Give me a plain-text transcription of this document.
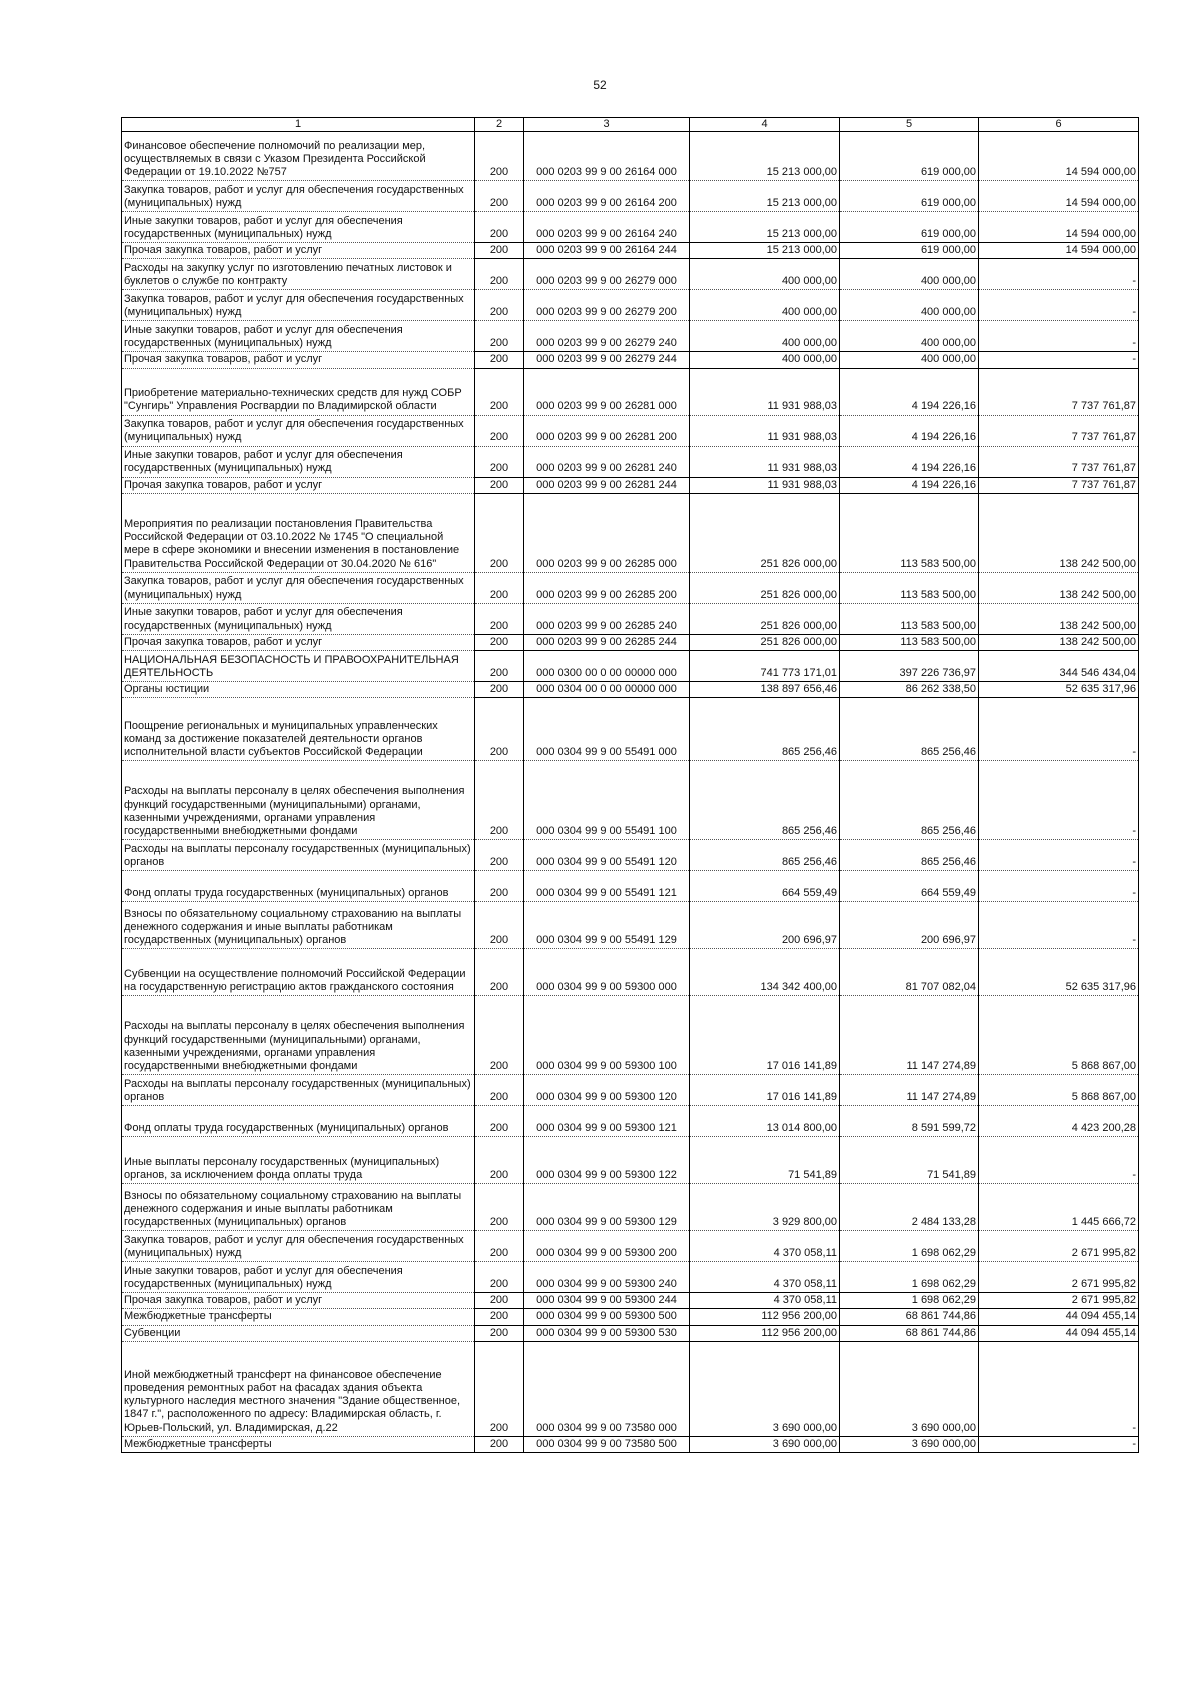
52
1	2	3	4	5	6
Финансовое обеспечение полномочий по реализации мер, осуществляемых в связи с Указом Президента Российской Федерации от 19.10.2022 №757	200	000 0203 99 9 00 26164 000	15 213 000,00	619 000,00	14 594 000,00
Закупка товаров, работ и услуг для обеспечения государственных (муниципальных) нужд	200	000 0203 99 9 00 26164 200	15 213 000,00	619 000,00	14 594 000,00
Иные закупки товаров, работ и услуг для обеспечения государственных (муниципальных) нужд	200	000 0203 99 9 00 26164 240	15 213 000,00	619 000,00	14 594 000,00
Прочая закупка товаров, работ и услуг	200	000 0203 99 9 00 26164 244	15 213 000,00	619 000,00	14 594 000,00
Расходы на закупку услуг по изготовлению печатных листовок и буклетов о службе по контракту	200	000 0203 99 9 00 26279 000	400 000,00	400 000,00	-
Закупка товаров, работ и услуг для обеспечения государственных (муниципальных) нужд	200	000 0203 99 9 00 26279 200	400 000,00	400 000,00	-
Иные закупки товаров, работ и услуг для обеспечения государственных (муниципальных) нужд	200	000 0203 99 9 00 26279 240	400 000,00	400 000,00	-
Прочая закупка товаров, работ и услуг	200	000 0203 99 9 00 26279 244	400 000,00	400 000,00	-
Приобретение материально-технических средств для нужд СОБР "Сунгирь" Управления Росгвардии по Владимирской области	200	000 0203 99 9 00 26281 000	11 931 988,03	4 194 226,16	7 737 761,87
Закупка товаров, работ и услуг для обеспечения государственных (муниципальных) нужд	200	000 0203 99 9 00 26281 200	11 931 988,03	4 194 226,16	7 737 761,87
Иные закупки товаров, работ и услуг для обеспечения государственных (муниципальных) нужд	200	000 0203 99 9 00 26281 240	11 931 988,03	4 194 226,16	7 737 761,87
Прочая закупка товаров, работ и услуг	200	000 0203 99 9 00 26281 244	11 931 988,03	4 194 226,16	7 737 761,87
Мероприятия по реализации постановления Правительства Российской Федерации от 03.10.2022 № 1745 "О специальной мере в сфере экономики и внесении изменения в постановление Правительства Российской Федерации от 30.04.2020 № 616"	200	000 0203 99 9 00 26285 000	251 826 000,00	113 583 500,00	138 242 500,00
Закупка товаров, работ и услуг для обеспечения государственных (муниципальных) нужд	200	000 0203 99 9 00 26285 200	251 826 000,00	113 583 500,00	138 242 500,00
Иные закупки товаров, работ и услуг для обеспечения государственных (муниципальных) нужд	200	000 0203 99 9 00 26285 240	251 826 000,00	113 583 500,00	138 242 500,00
Прочая закупка товаров, работ и услуг	200	000 0203 99 9 00 26285 244	251 826 000,00	113 583 500,00	138 242 500,00
НАЦИОНАЛЬНАЯ БЕЗОПАСНОСТЬ И ПРАВООХРАНИТЕЛЬНАЯ ДЕЯТЕЛЬНОСТЬ	200	000 0300 00 0 00 00000 000	741 773 171,01	397 226 736,97	344 546 434,04
Органы юстиции	200	000 0304 00 0 00 00000 000	138 897 656,46	86 262 338,50	52 635 317,96
Поощрение региональных и муниципальных управленческих команд за достижение показателей деятельности органов исполнительной власти субъектов Российской Федерации	200	000 0304 99 9 00 55491 000	865 256,46	865 256,46	-
Расходы на выплаты персоналу в целях обеспечения выполнения функций государственными (муниципальными) органами, казенными учреждениями, органами управления государственными внебюджетными фондами	200	000 0304 99 9 00 55491 100	865 256,46	865 256,46	-
Расходы на выплаты персоналу государственных (муниципальных) органов	200	000 0304 99 9 00 55491 120	865 256,46	865 256,46	-
Фонд оплаты труда государственных (муниципальных) органов	200	000 0304 99 9 00 55491 121	664 559,49	664 559,49	-
Взносы по обязательному социальному страхованию на выплаты денежного содержания и иные выплаты работникам государственных (муниципальных) органов	200	000 0304 99 9 00 55491 129	200 696,97	200 696,97	-
Субвенции на осуществление полномочий Российской Федерации на государственную регистрацию актов гражданского состояния	200	000 0304 99 9 00 59300 000	134 342 400,00	81 707 082,04	52 635 317,96
Расходы на выплаты персоналу в целях обеспечения выполнения функций государственными (муниципальными) органами, казенными учреждениями, органами управления государственными внебюджетными фондами	200	000 0304 99 9 00 59300 100	17 016 141,89	11 147 274,89	5 868 867,00
Расходы на выплаты персоналу государственных (муниципальных) органов	200	000 0304 99 9 00 59300 120	17 016 141,89	11 147 274,89	5 868 867,00
Фонд оплаты труда государственных (муниципальных) органов	200	000 0304 99 9 00 59300 121	13 014 800,00	8 591 599,72	4 423 200,28
Иные выплаты персоналу государственных (муниципальных) органов, за исключением фонда оплаты труда	200	000 0304 99 9 00 59300 122	71 541,89	71 541,89	-
Взносы по обязательному социальному страхованию на выплаты денежного содержания и иные выплаты работникам государственных (муниципальных) органов	200	000 0304 99 9 00 59300 129	3 929 800,00	2 484 133,28	1 445 666,72
Закупка товаров, работ и услуг для обеспечения государственных (муниципальных) нужд	200	000 0304 99 9 00 59300 200	4 370 058,11	1 698 062,29	2 671 995,82
Иные закупки товаров, работ и услуг для обеспечения государственных (муниципальных) нужд	200	000 0304 99 9 00 59300 240	4 370 058,11	1 698 062,29	2 671 995,82
Прочая закупка товаров, работ и услуг	200	000 0304 99 9 00 59300 244	4 370 058,11	1 698 062,29	2 671 995,82
Межбюджетные трансферты	200	000 0304 99 9 00 59300 500	112 956 200,00	68 861 744,86	44 094 455,14
Субвенции	200	000 0304 99 9 00 59300 530	112 956 200,00	68 861 744,86	44 094 455,14
Иной межбюджетный трансферт на финансовое обеспечение проведения ремонтных работ на фасадах здания объекта культурного наследия местного значения "Здание общественное, 1847 г.", расположенного по адресу: Владимирская область, г. Юрьев-Польский, ул. Владимирская, д.22	200	000 0304 99 9 00 73580 000	3 690 000,00	3 690 000,00	-
Межбюджетные трансферты	200	000 0304 99 9 00 73580 500	3 690 000,00	3 690 000,00	-
